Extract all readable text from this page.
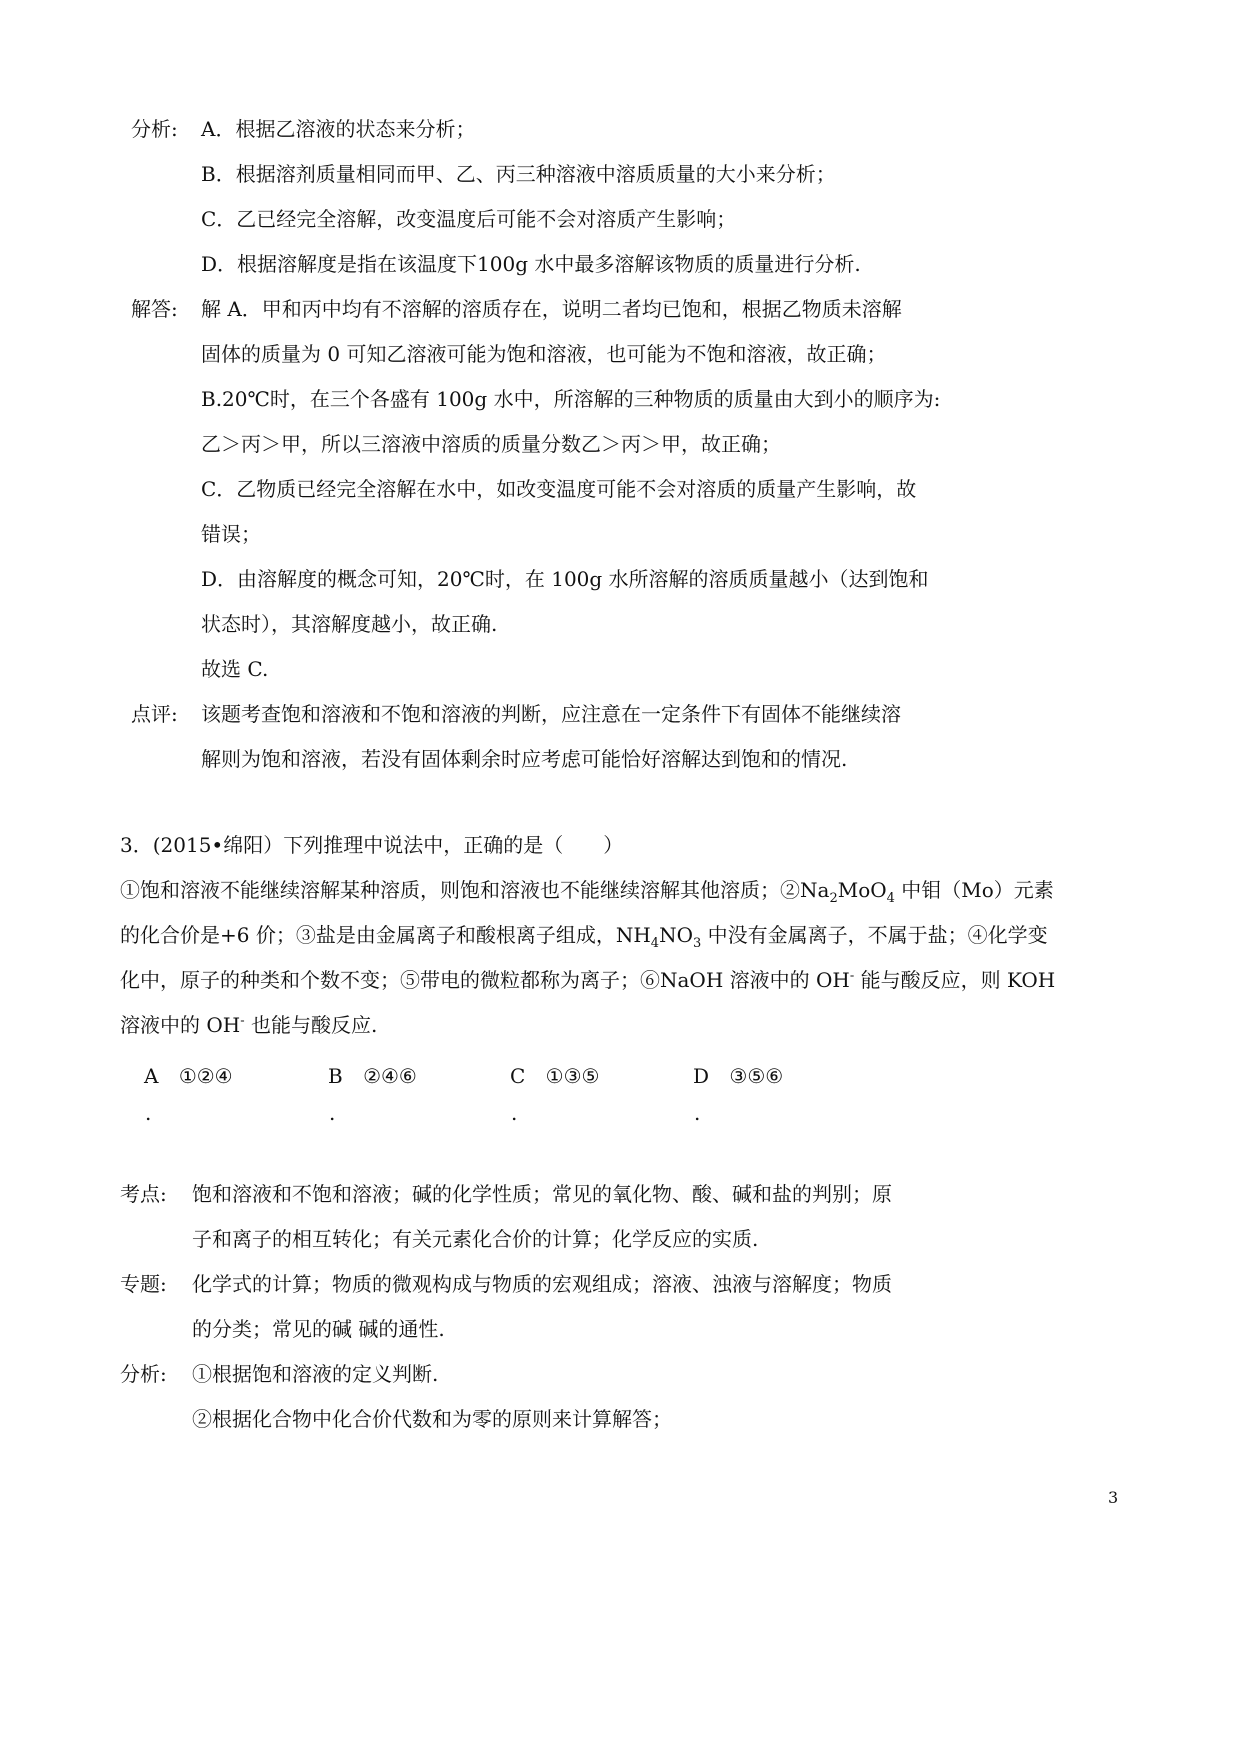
分析: A．根据乙溶液的状态来分析；
B．根据溶剂质量相同而甲、乙、丙三种溶液中溶质质量的大小来分析；
C．乙已经完全溶解，改变温度后可能不会对溶质产生影响；
D．根据溶解度是指在该温度下100g 水中最多溶解该物质的质量进行分析.
解答: 解 A．甲和丙中均有不溶解的溶质存在，说明二者均已饱和，根据乙物质未溶解
固体的质量为 0 可知乙溶液可能为饱和溶液，也可能为不饱和溶液，故正确；
B.20℃时，在三个各盛有 100g 水中，所溶解的三种物质的质量由大到小的顺序为:
乙＞丙＞甲，所以三溶液中溶质的质量分数乙＞丙＞甲，故正确；
C．乙物质已经完全溶解在水中，如改变温度可能不会对溶质的质量产生影响，故
错误；
D．由溶解度的概念可知，20℃时，在 100g 水所溶解的溶质质量越小（达到饱和
状态时），其溶解度越小，故正确.
故选 C.
点评: 该题考查饱和溶液和不饱和溶液的判断，应注意在一定条件下有固体不能继续溶
解则为饱和溶液，若没有固体剩余时应考虑可能恰好溶解达到饱和的情况.
3．(2015•绵阳）下列推理中说法中，正确的是（　　）
①饱和溶液不能继续溶解某种溶质，则饱和溶液也不能继续溶解其他溶质；$②Na_2MoO_4$ 中钼（Mo）元素
的化合价是+6 价；③盐是由金属离子和酸根离子组成，$NH_4NO_3$ 中没有金属离子，不属于盐；④化学变
化中，原子的种类和个数不变；⑤带电的微粒都称为离子；⑥NaOH 溶液中的 OH- 能与酸反应，则 KOH
溶液中的 OH- 也能与酸反应.
A ①②④	B ②④⑥	C ①③⑤	D ③⑤⑥
.	.	.	.
考点: 饱和溶液和不饱和溶液；碱的化学性质；常见的氧化物、酸、碱和盐的判别；原
子和离子的相互转化；有关元素化合价的计算；化学反应的实质.
专题: 化学式的计算；物质的微观构成与物质的宏观组成；溶液、浊液与溶解度；物质
的分类；常见的碱 碱的通性.
分析: ①根据饱和溶液的定义判断.
②根据化合物中化合价代数和为零的原则来计算解答；
3
